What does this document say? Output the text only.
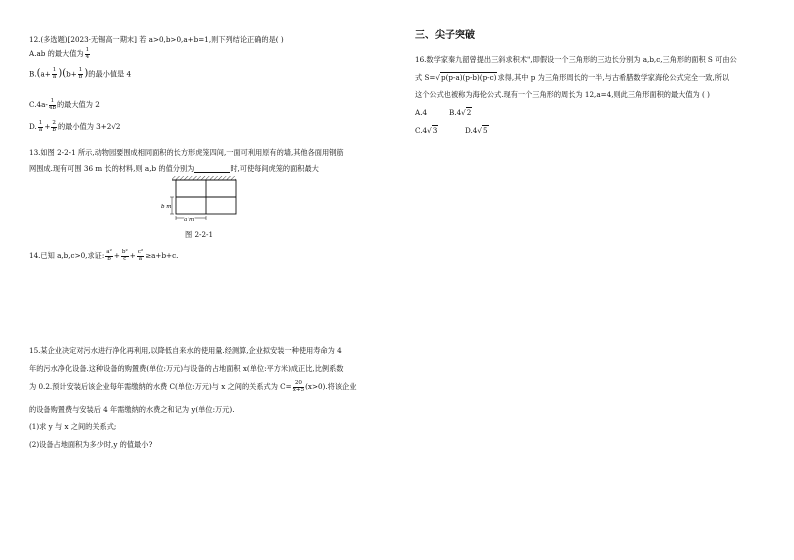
12.(多选题)[2023·无锡高一期末] 若 a>0,b>0,a+b=1,则下列结论正确的是( )
A.ab 的最大值为 $\frac{1}{4}$
$B.(a+ \frac{1}{a} )(b+ \frac{1}{b}$ )的最小值是 4
$C.4a- \frac{1}{4b}$ 的最大值为 2
D. $\frac{1}{a} + \frac{2}{b}$ 的最小值为 3+2√2
13.如图 2-2-1 所示,动物园要围成相同面积的长方形虎笼四间,一面可利用原有的墙,其他各面用钢筋
网围成.现有可围 36 m 长的材料,则 a,b 的值分别为	时,可使每间虎笼的面积最大
b m
a m
图 2-2-1
14.已知 a,b,c>0,求证: $\frac{\text{a²}}{b} + \frac{\text{b²}}{c} + \frac{\text{c²}}{a} \ge a+b+c$.
15.某企业决定对污水进行净化再利用,以降低自来水的使用量.经测算,企业拟安装一种使用寿命为 4
年的污水净化设备.这种设备的购置费(单位:万元)与设备的占地面积 x(单位:平方米)成正比,比例系数
为 0.2.预计安装后该企业每年需缴纳的水费 C(单位:万元)与 x 之间的关系式为 $C= \frac{20}{x+5} (x>0)$.将该企业
的设备购置费与安装后 4 年需缴纳的水费之和记为 y(单位:万元).
(1)求 y 与 x 之间的关系式;
(2)设备占地面积为多少时,y 的值最小?
三、尖子突破
16.数学家秦九韶曾提出三斜求积术",即假设一个三角形的三边长分别为 a,b,c,三角形的面积 S 可由公
式 S=√p(p-a)(p-b)(p-c)求得,其中 p 为三角形周长的一半,与古希腊数学家海伦公式完全一致,所以
这个公式也被称为海伦公式.现有一个三角形的周长为 12,a=4,则此三角形面积的最大值为 ( )
A.4	B.4√2
C.4√3	D.4√5
